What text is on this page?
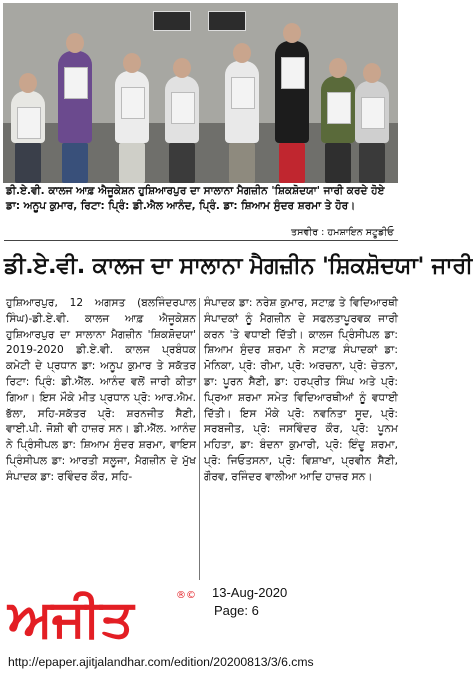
ਡੀ.ਏ.ਵੀ. ਕਾਲਜ ਆਫ਼ ਐਜੂਕੇਸ਼ਨ ਹੁਸ਼ਿਆਰਪੁਰ ਦਾ ਸਾਲਾਨਾ ਮੈਗਜ਼ੀਨ 'ਸ਼ਿਕਸ਼ੋਦਯਾ' ਜਾਰੀ ਕਰਦੇ ਹੋਏ ਡਾ: ਅਨੂਪ ਕੁਮਾਰ, ਰਿਟਾ: ਪ੍ਰਿੰ: ਡੀ.ਐਲ ਆਨੰਦ, ਪ੍ਰਿੰ. ਡਾ: ਸ਼ਿਆਮ ਸੁੰਦਰ ਸ਼ਰਮਾ ਤੇ ਹੋਰ।
ਤਸਵੀਰ : ਹਮਸ਼ਾਇਨ ਸਟੂਡੀਓ
ਡੀ.ਏ.ਵੀ. ਕਾਲਜ ਦਾ ਸਾਲਾਨਾ ਮੈਗਜ਼ੀਨ 'ਸ਼ਿਕਸ਼ੋਦਯਾ' ਜਾਰੀ

ਹੁਸ਼ਿਆਰਪੁਰ, 12 ਅਗਸਤ (ਬਲਜਿੰਦਰਪਾਲ ਸਿੰਘ)-ਡੀ.ਏ.ਵੀ. ਕਾਲਜ ਆਫ਼ ਐਜੂਕੇਸ਼ਨ ਹੁਸ਼ਿਆਰਪੁਰ ਦਾ ਸਾਲਾਨਾ ਮੈਗਜ਼ੀਨ 'ਸ਼ਿਕਸ਼ੋਦਯਾ' 2019-2020 ਡੀ.ਏ.ਵੀ. ਕਾਲਜ ਪ੍ਰਬੰਧਕ ਕਮੇਟੀ ਦੇ ਪ੍ਰਧਾਨ ਡਾ: ਅਨੂਪ ਕੁਮਾਰ ਤੇ ਸਕੱਤਰ ਰਿਟਾ: ਪ੍ਰਿੰ: ਡੀ.ਐੱਲ. ਆਨੰਦ ਵਲੋਂ ਜਾਰੀ ਕੀਤਾ ਗਿਆ। ਇਸ ਮੌਕੇ ਮੀਤ ਪ੍ਰਧਾਨ ਪ੍ਰੋ: ਆਰ.ਐਮ. ਭੱਲਾ, ਸਹਿ-ਸਕੱਤਰ ਪ੍ਰੋ: ਸ਼ਰਨਜੀਤ ਸੈਣੀ, ਵਾਈ.ਪੀ. ਜੋਸ਼ੀ ਵੀ ਹਾਜ਼ਰ ਸਨ। ਡੀ.ਐੱਲ. ਆਨੰਦ ਨੇ ਪ੍ਰਿੰਸੀਪਲ ਡਾ: ਸ਼ਿਆਮ ਸੁੰਦਰ ਸ਼ਰਮਾ, ਵਾਇਸ ਪ੍ਰਿੰਸੀਪਲ ਡਾ: ਆਰਤੀ ਸਲੂਜਾ, ਮੈਗਜ਼ੀਨ ਦੇ ਮੁੱਖ ਸੰਪਾਦਕ ਡਾ: ਰਵਿੰਦਰ ਕੌਰ, ਸਹਿ-

ਸੰਪਾਦਕ ਡਾ: ਨਰੇਸ਼ ਕੁਮਾਰ, ਸਟਾਫ਼ ਤੇ ਵਿਦਿਆਰਥੀ ਸੰਪਾਦਕਾਂ ਨੂੰ ਮੈਗਜ਼ੀਨ ਦੇ ਸਫਲਤਾਪੂਰਵਕ ਜਾਰੀ ਕਰਨ 'ਤੇ ਵਧਾਈ ਦਿੱਤੀ। ਕਾਲਜ ਪ੍ਰਿੰਸੀਪਲ ਡਾ: ਸ਼ਿਆਮ ਸੁੰਦਰ ਸ਼ਰਮਾ ਨੇ ਸਟਾਫ਼ ਸੰਪਾਦਕਾਂ ਡਾ: ਮੋਨਿਕਾ, ਪ੍ਰੋ: ਰੀਮਾ, ਪ੍ਰੋ: ਅਰਚਨਾ, ਪ੍ਰੋ: ਚੇਤਨਾ, ਡਾ: ਪੂਰਨ ਸੈਣੀ, ਡਾ: ਹਰਪ੍ਰੀਤ ਸਿੰਘ ਅਤੇ ਪ੍ਰੋ: ਪ੍ਰਿਆ ਸ਼ਰਮਾ ਸਮੇਤ ਵਿਦਿਆਰਥੀਆਂ ਨੂੰ ਵਧਾਈ ਦਿੱਤੀ। ਇਸ ਮੌਕੇ ਪ੍ਰੋ: ਨਵਨਿਤਾ ਸੂਦ, ਪ੍ਰੋ: ਸਰਬਜੀਤ, ਪ੍ਰੋ: ਜਸਵਿੰਦਰ ਕੌਰ, ਪ੍ਰੋ: ਪੂਨਮ ਮਹਿਤਾ, ਡਾ: ਬੰਦਨਾ ਕੁਮਾਰੀ, ਪ੍ਰੋ: ਇੰਦੂ ਸ਼ਰਮਾ, ਪ੍ਰੋ: ਜਿਓਤਸਨਾ, ਪ੍ਰੋ: ਵਿਸ਼ਾਖਾ, ਪ੍ਰਵੀਨ ਸੈਣੀ, ਗੌਰਵ, ਰਜਿੰਦਰ ਵਾਲੀਆ ਆਦਿ ਹਾਜ਼ਰ ਸਨ।

ਅਜੀਤ	®© 13-Aug-2020
Page: 6
http://epaper.ajitjalandhar.com/edition/20200813/3/6.cms
